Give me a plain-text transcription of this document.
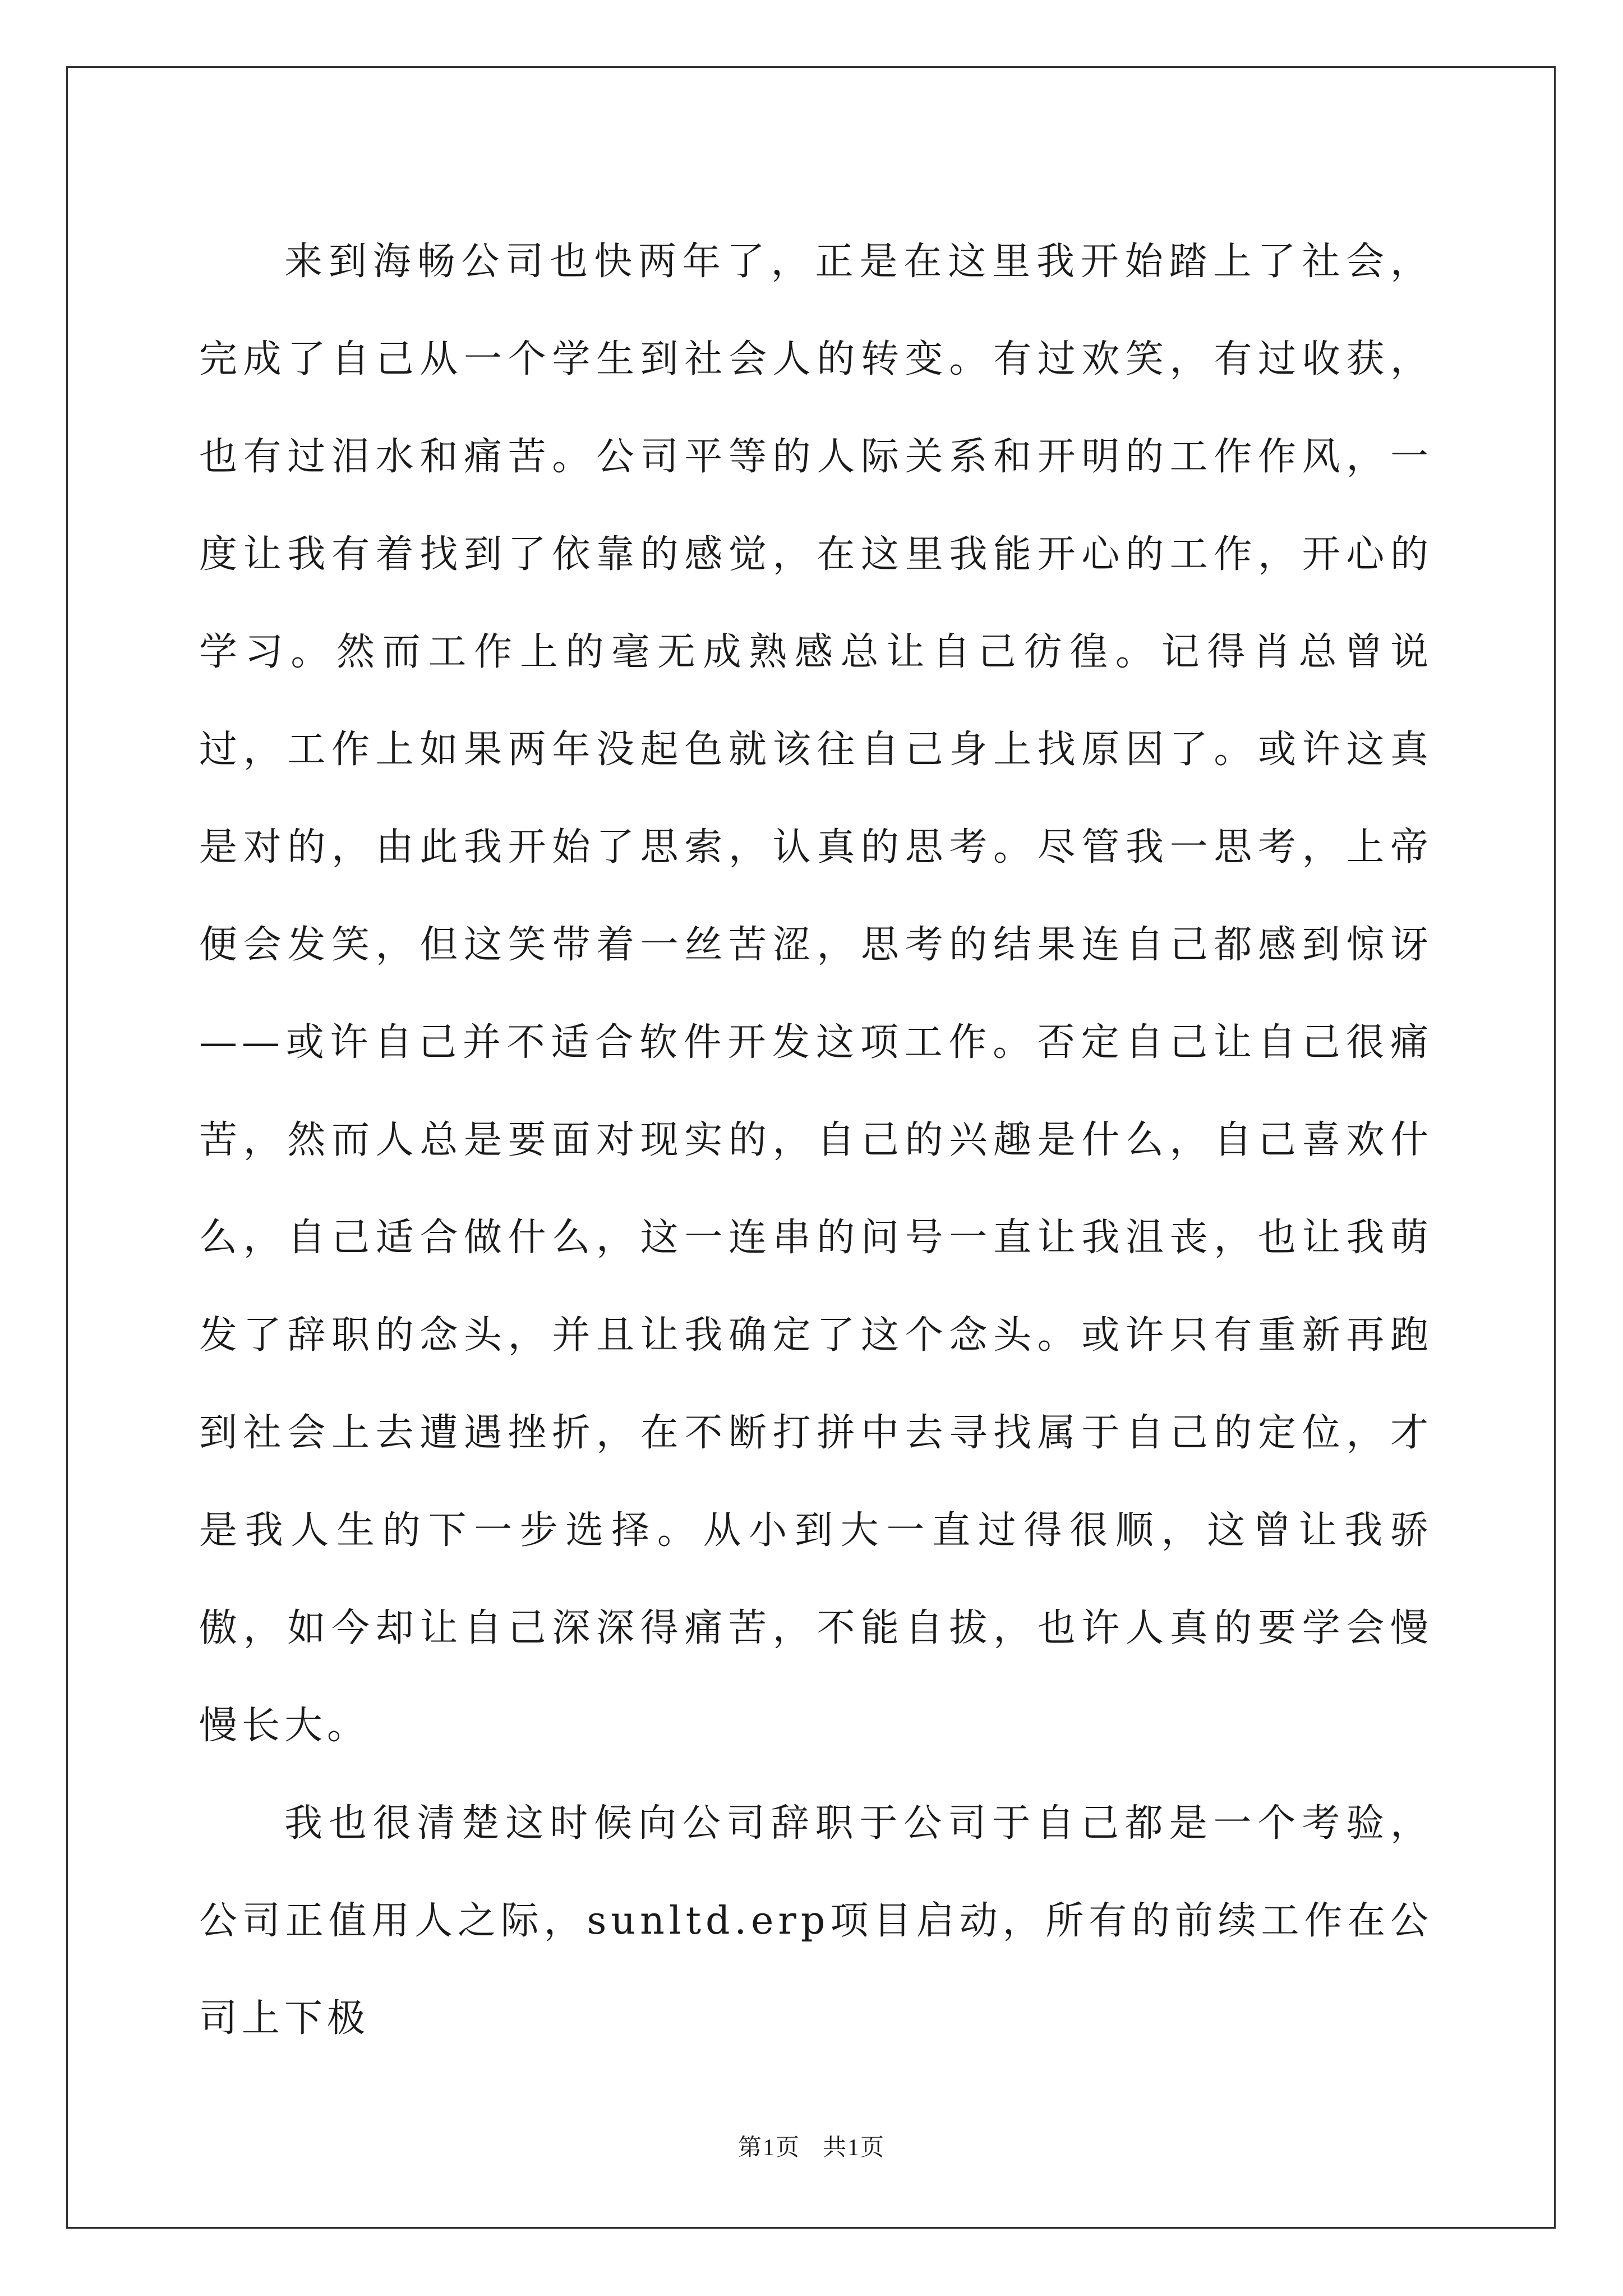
来到海畅公司也快两年了，正是在这里我开始踏上了社会，完成了自己从一个学生到社会人的转变。有过欢笑，有过收获，也有过泪水和痛苦。公司平等的人际关系和开明的工作作风，一度让我有着找到了依靠的感觉，在这里我能开心的工作，开心的学习。然而工作上的毫无成熟感总让自己彷徨。记得肖总曾说过，工作上如果两年没起色就该往自己身上找原因了。或许这真是对的，由此我开始了思索，认真的思考。尽管我一思考，上帝便会发笑，但这笑带着一丝苦涩，思考的结果连自己都感到惊讶——或许自己并不适合软件开发这项工作。否定自己让自己很痛苦，然而人总是要面对现实的，自己的兴趣是什么，自己喜欢什么，自己适合做什么，这一连串的问号一直让我沮丧，也让我萌发了辞职的念头，并且让我确定了这个念头。或许只有重新再跑到社会上去遭遇挫折，在不断打拼中去寻找属于自己的定位，才是我人生的下一步选择。从小到大一直过得很顺，这曾让我骄傲，如今却让自己深深得痛苦，不能自拔，也许人真的要学会慢慢长大。

我也很清楚这时候向公司辞职于公司于自己都是一个考验，公司正值用人之际，sunltd.erp项目启动，所有的前续工作在公司上下极

第1页 共1页
